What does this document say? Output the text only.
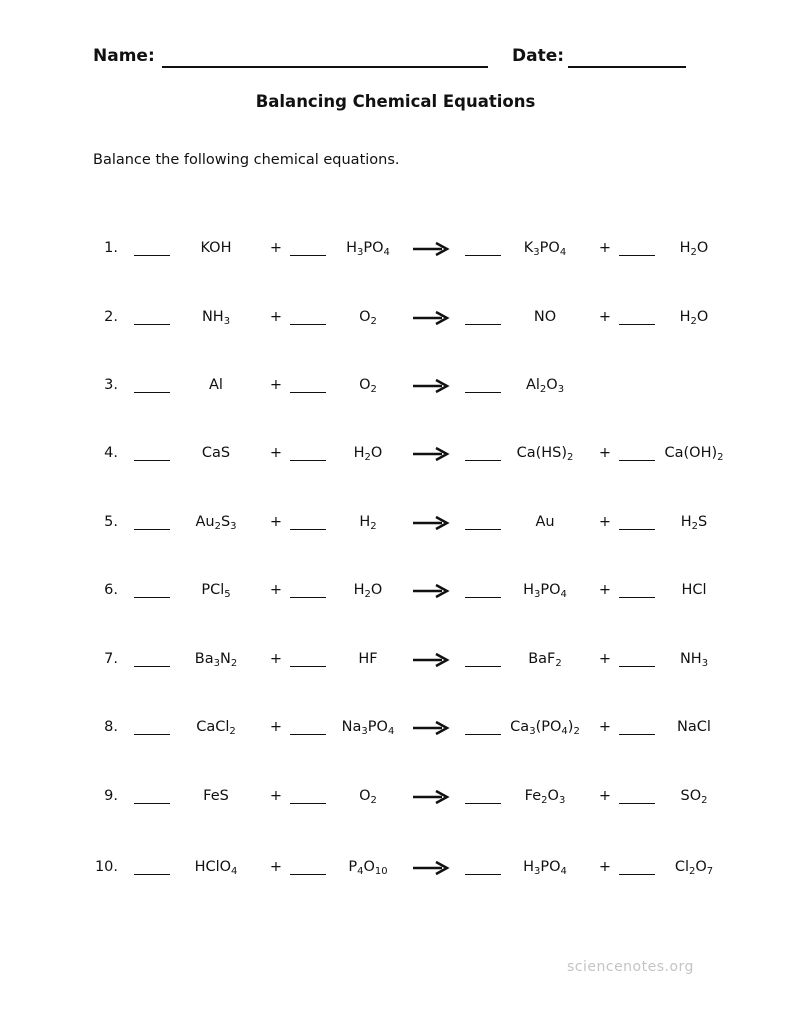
Name:	Date:
Balancing Chemical Equations
Balance the following chemical equations.
1.	KOH	+	$H_3PO_4$	$K_3PO_4$	+	$H_2O$
2.	$NH_3$	+	$O_2$	NO	+	$H_2O$
3.	Al	+	$O_2$	$Al_2O_3$
4.	CaS	+	$H_2O$	$Ca(HS)_2$	+	$Ca(OH)_2$
5.	$Au_2S_3$	+	$H_2$	Au	+	$H_2S$
6.	PCl$_5$	+	$H_2O$	$H_3PO_4$	+	HCl
7.	$Ba_3N_2$	+	HF	BaF$_2$	+	$NH_3$
8.	CaCl$_2$	+	$Na_3PO_4$	$Ca_3(PO_4)_2$	+	NaCl
9.	FeS	+	$O_2$	$Fe_2O_3$	+	$SO_2$
10.	HClO$_4$	+	$P_4O_{10}$	$H_3PO_4$	+	$Cl_2O_7$
sciencenotes.org
